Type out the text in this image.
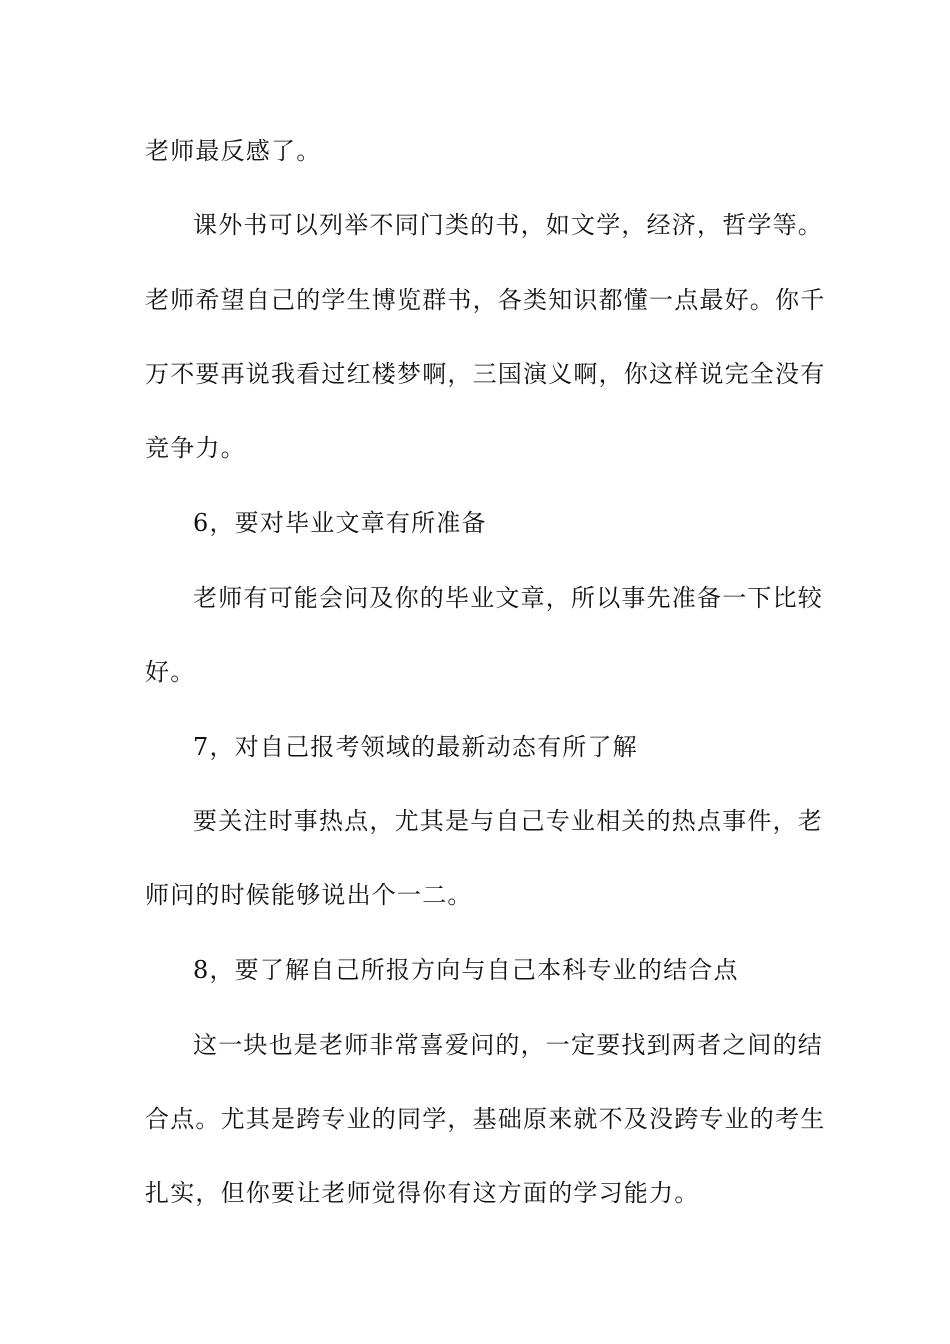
老师最反感了。
课外书可以列举不同门类的书，如文学，经济，哲学等。
老师希望自己的学生博览群书，各类知识都懂一点最好。你千
万不要再说我看过红楼梦啊，三国演义啊，你这样说完全没有
竞争力。
6，要对毕业文章有所准备
老师有可能会问及你的毕业文章，所以事先准备一下比较
好。
7，对自己报考领域的最新动态有所了解
要关注时事热点，尤其是与自己专业相关的热点事件，老
师问的时候能够说出个一二。
8，要了解自己所报方向与自己本科专业的结合点
这一块也是老师非常喜爱问的，一定要找到两者之间的结
合点。尤其是跨专业的同学，基础原来就不及没跨专业的考生
扎实，但你要让老师觉得你有这方面的学习能力。
